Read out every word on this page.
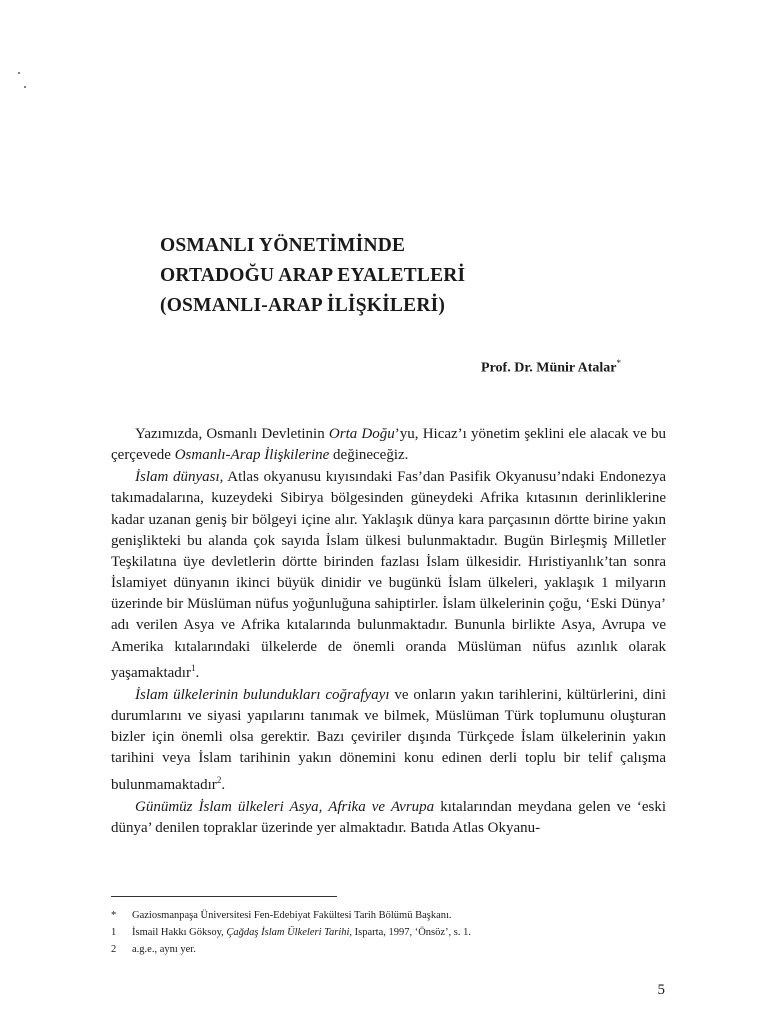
OSMANLI YÖNETİMİNDE
ORTADOĞU ARAP EYALETLERİ
(OSMANLI-ARAP İLİŞKİLERİ)
Prof. Dr. Münir Atalar*

Yazımızda, Osmanlı Devletinin Orta Doğu’yu, Hicaz’ı yönetim şeklini ele alacak ve bu çerçevede Osmanlı-Arap İlişkilerine değineceğiz.

İslam dünyası, Atlas okyanusu kıyısındaki Fas’dan Pasifik Okyanusu’ndaki Endonezya takımadalarına, kuzeydeki Sibirya bölgesinden güneydeki Afrika kıtasının derinliklerine kadar uzanan geniş bir bölgeyi içine alır. Yaklaşık dünya kara parçasının dörtte birine yakın genişlikteki bu alanda çok sayıda İslam ülkesi bulunmaktadır. Bugün Birleşmiş Milletler Teşkilatına üye devletlerin dörtte birinden fazlası İslam ülkesidir. Hıristiyanlık’tan sonra İslamiyet dünyanın ikinci büyük dinidir ve bugünkü İslam ülkeleri, yaklaşık 1 milyarın üzerinde bir Müslüman nüfus yoğunluğuna sahiptirler. İslam ülkelerinin çoğu, ‘Eski Dünya’ adı verilen Asya ve Afrika kıtalarında bulunmaktadır. Bununla birlikte Asya, Avrupa ve Amerika kıtalarındaki ülkelerde de önemli oranda Müslüman nüfus azınlık olarak yaşamaktadır$^1$.

İslam ülkelerinin bulundukları coğrafyayı ve onların yakın tarihlerini, kültürlerini, dini durumlarını ve siyasi yapılarını tanımak ve bilmek, Müslüman Türk toplumunu oluşturan bizler için önemli olsa gerektir. Bazı çeviriler dışında Türkçede İslam ülkelerinin yakın tarihini veya İslam tarihinin yakın dönemini konu edinen derli toplu bir telif çalışma bulunmamaktadır$^2$.

Günümüz İslam ülkeleri Asya, Afrika ve Avrupa kıtalarından meydana gelen ve ‘eski dünya’ denilen topraklar üzerinde yer almaktadır. Batıda Atlas Okyanu-

*	Gaziosmanpaşa Üniversitesi Fen-Edebiyat Fakültesi Tarih Bölümü Başkanı.
1	İsmail Hakkı Göksoy, Çağdaş İslam Ülkeleri Tarihi, Isparta, 1997, ‘Önsöz’, s. 1.
2	a.g.e., aynı yer.
5
